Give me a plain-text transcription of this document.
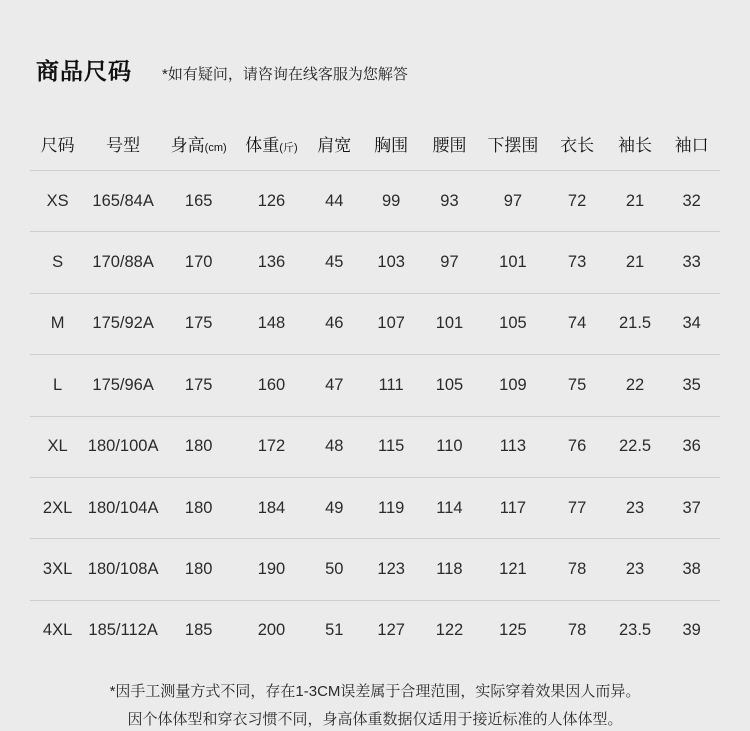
商品尺码 *如有疑问，请咨询在线客服为您解答
尺码	号型	身高(cm)	体重(斤)	肩宽	胸围	腰围	下摆围	衣长	袖长	袖口
XS	165/84A	165	126	44	99	93	97	72	21	32
S	170/88A	170	136	45	103	97	101	73	21	33
M	175/92A	175	148	46	107	101	105	74	21.5	34
L	175/96A	175	160	47	111	105	109	75	22	35
XL	180/100A	180	172	48	115	110	113	76	22.5	36
2XL	180/104A	180	184	49	119	114	117	77	23	37
3XL	180/108A	180	190	50	123	118	121	78	23	38
4XL	185/112A	185	200	51	127	122	125	78	23.5	39

*因手工测量方式不同，存在1-3CM误差属于合理范围，实际穿着效果因人而异。

因个体体型和穿衣习惯不同，身高体重数据仅适用于接近标准的人体体型。
